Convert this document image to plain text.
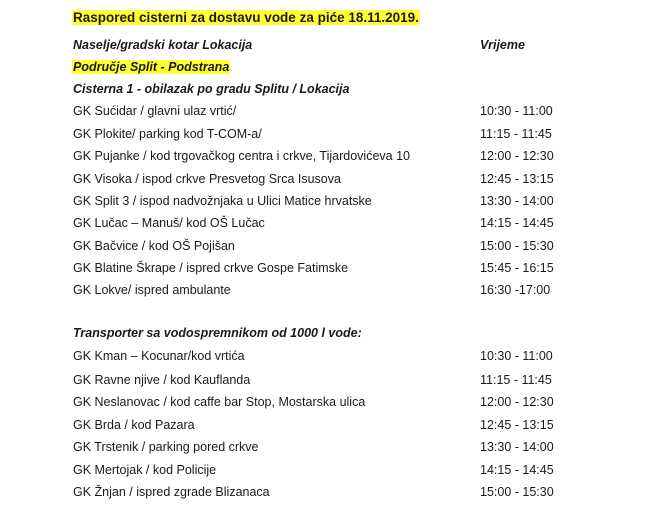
Raspored cisterni za dostavu vode za piće 18.11.2019.
Naselje/gradski kotar Lokacija	Vrijeme
Područje Split - Podstrana
Cisterna 1 - obilazak po gradu Splitu / Lokacija
GK Sućidar / glavni ulaz vrtić/	10:30 - 11:00
GK Plokite/ parking kod T-COM-a/	11:15 - 11:45
GK Pujanke / kod trgovačkog centra i crkve, Tijardovićeva 10	12:00 - 12:30
GK Visoka / ispod crkve Presvetog Srca Isusova	12:45 - 13:15
GK Split 3 / ispod nadvožnjaka u Ulici Matice hrvatske	13:30 - 14:00
GK Lučac – Manuš/ kod OŠ Lučac	14:15 - 14:45
GK Bačvice / kod OŠ Pojišan	15:00 - 15:30
GK Blatine Škrape / ispred crkve Gospe Fatimske	15:45 - 16:15
GK Lokve/ ispred ambulante	16:30 -17:00
Transporter sa vodospremnikom od 1000 l vode:
GK Kman – Kocunar/kod vrtića	10:30 - 11:00
GK Ravne njive / kod Kauflanda	11:15 - 11:45
GK Neslanovac / kod caffe bar Stop, Mostarska ulica	12:00 - 12:30
GK Brda / kod Pazara	12:45 - 13:15
GK Trstenik / parking pored crkve	13:30 - 14:00
GK Mertojak / kod Policije	14:15 - 14:45
GK Žnjan / ispred zgrade Blizanaca	15:00 - 15:30
